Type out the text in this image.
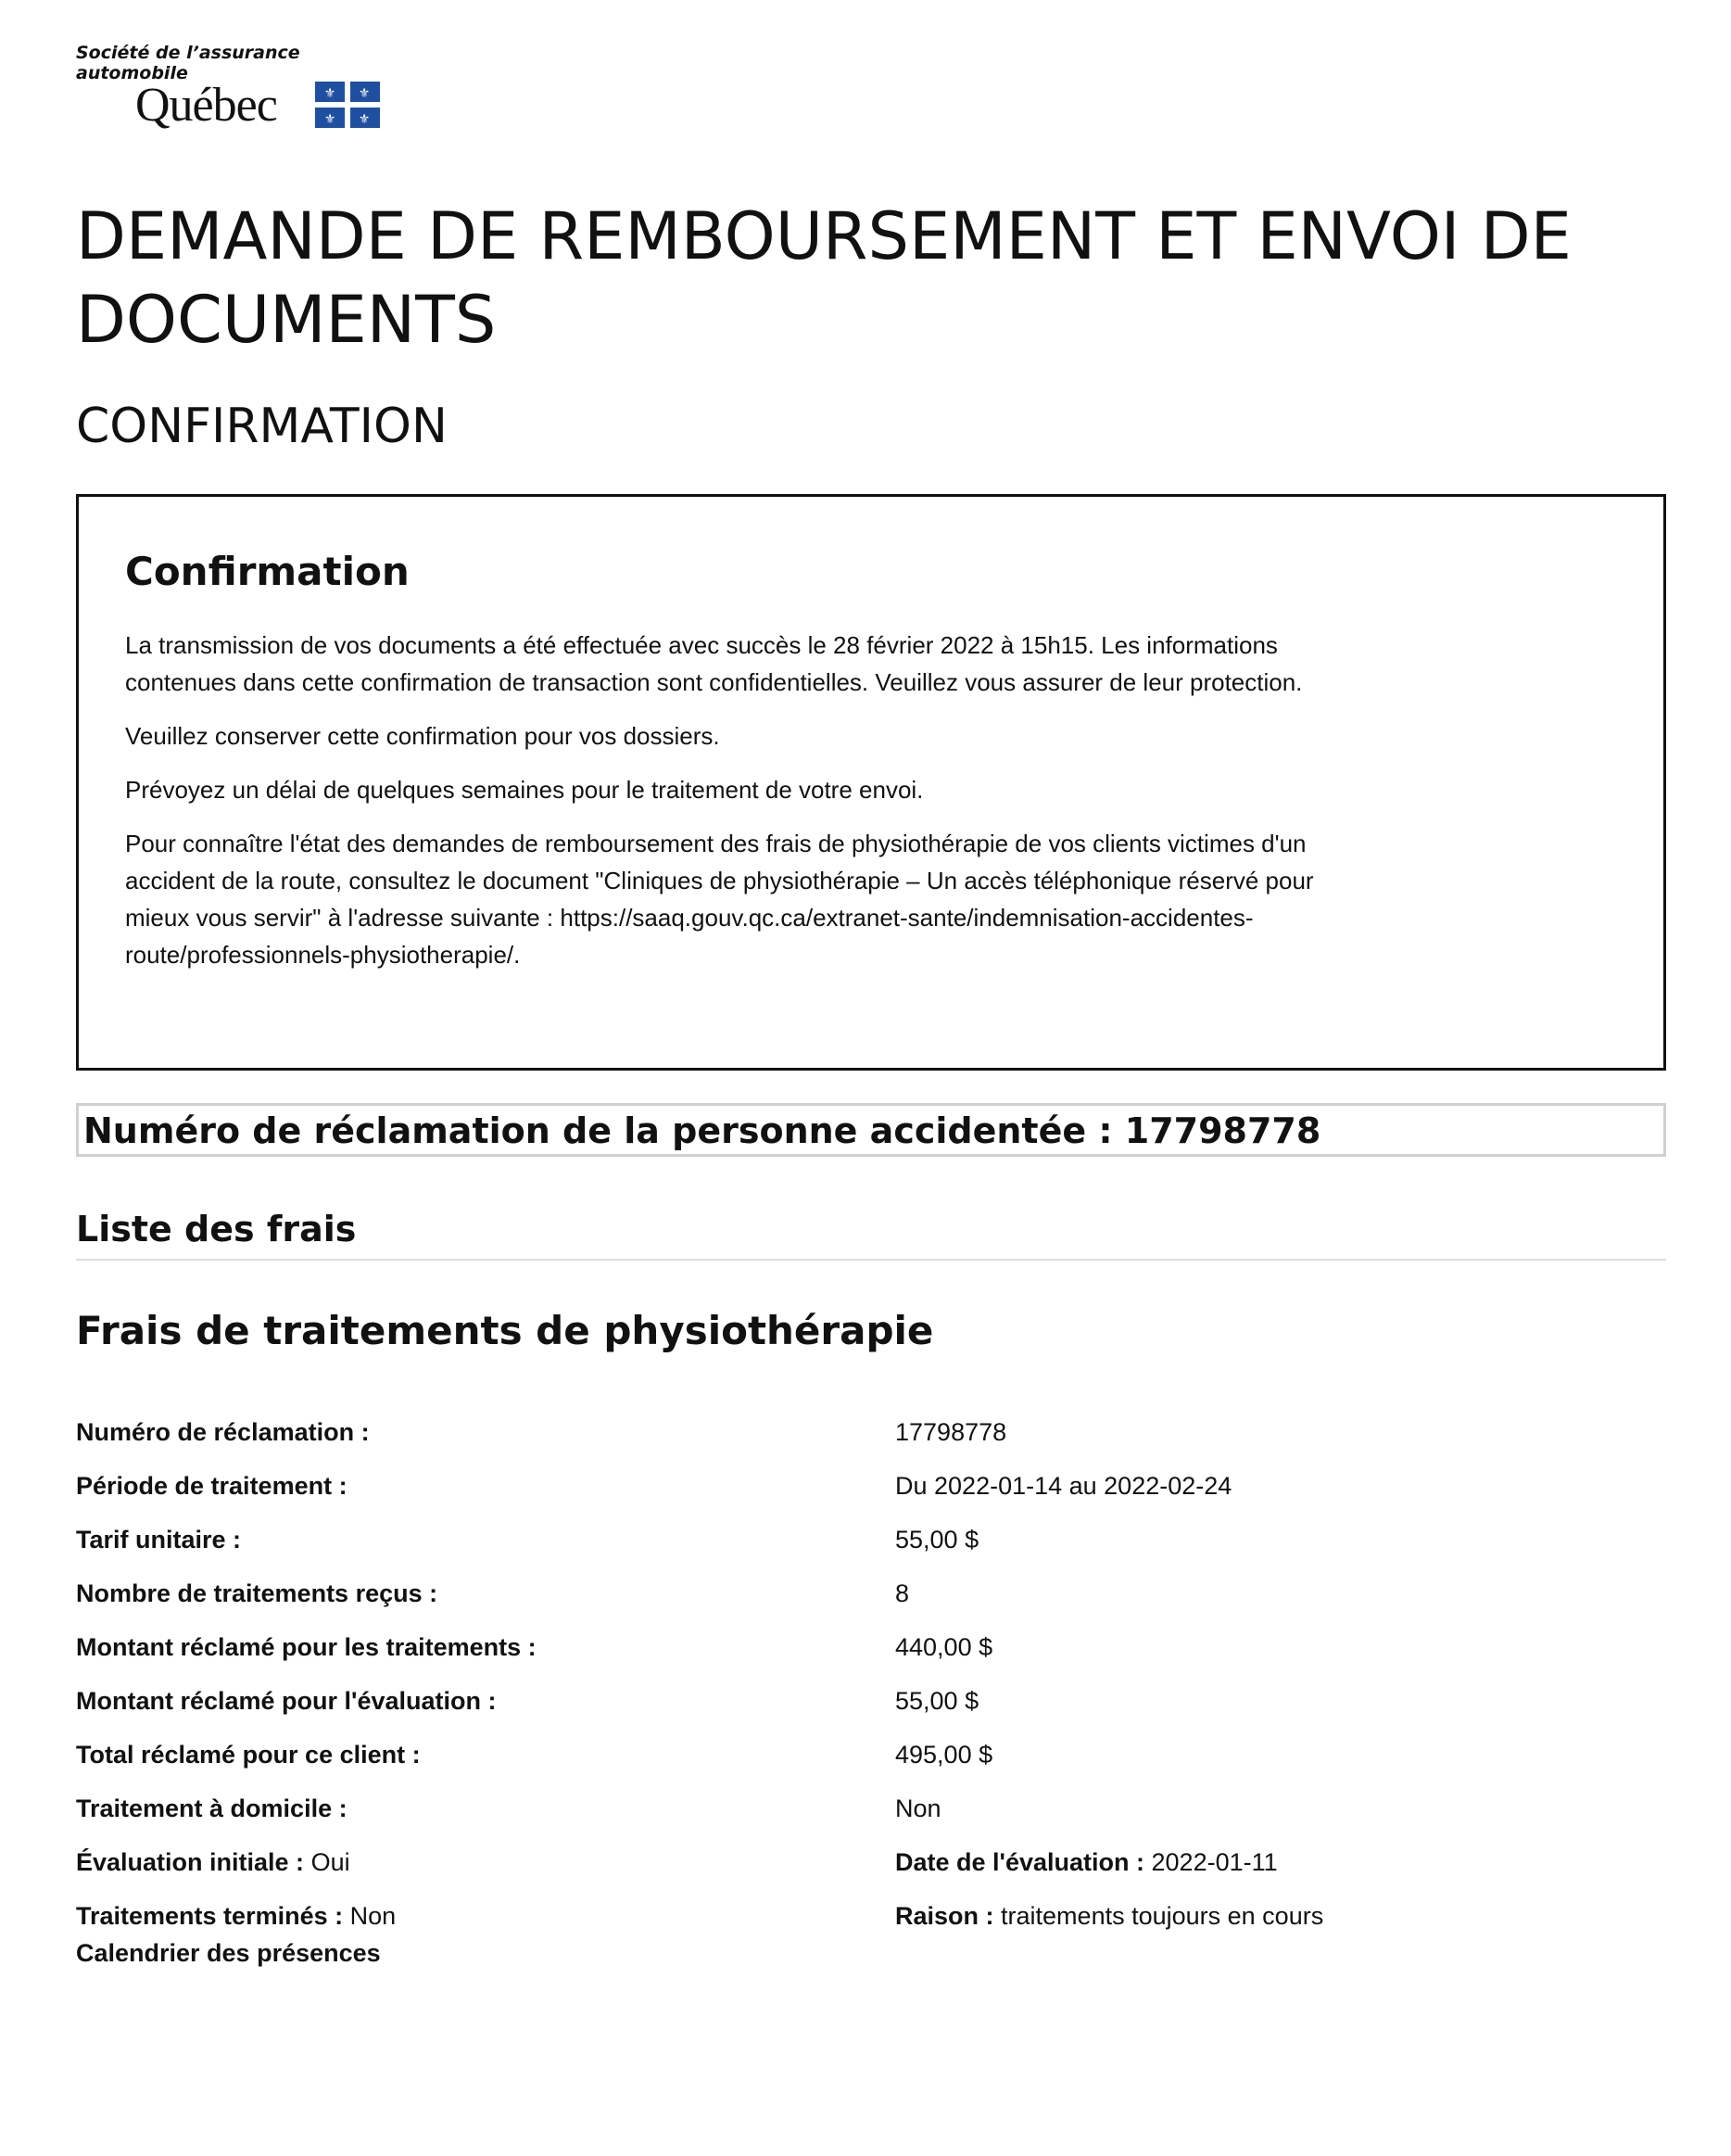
Société de l’assurance
automobile
Québec	⚜ ⚜
⚜ ⚜
DEMANDE DE REMBOURSEMENT ET ENVOI DE DOCUMENTS
CONFIRMATION
Confirmation

La transmission de vos documents a été effectuée avec succès le 28 février 2022 à 15h15. Les informations contenues dans cette confirmation de transaction sont confidentielles. Veuillez vous assurer de leur protection.

Veuillez conserver cette confirmation pour vos dossiers.

Prévoyez un délai de quelques semaines pour le traitement de votre envoi.

Pour connaître l'état des demandes de remboursement des frais de physiothérapie de vos clients victimes d'un accident de la route, consultez le document "Cliniques de physiothérapie – Un accès téléphonique réservé pour mieux vous servir" à l'adresse suivante : https://saaq.gouv.qc.ca/extranet-sante/indemnisation-accidentes-route/professionnels-physiotherapie/.

Numéro de réclamation de la personne accidentée : 17798778
Liste des frais
Frais de traitements de physiothérapie
Numéro de réclamation :	17798778
Période de traitement :	Du 2022-01-14 au 2022-02-24
Tarif unitaire :	55,00 $
Nombre de traitements reçus :	8
Montant réclamé pour les traitements :	440,00 $
Montant réclamé pour l'évaluation :	55,00 $
Total réclamé pour ce client :	495,00 $
Traitement à domicile :	Non
Évaluation initiale : Oui	Date de l'évaluation : 2022-01-11
Traitements terminés : Non	Raison : traitements toujours en cours
Calendrier des présences
